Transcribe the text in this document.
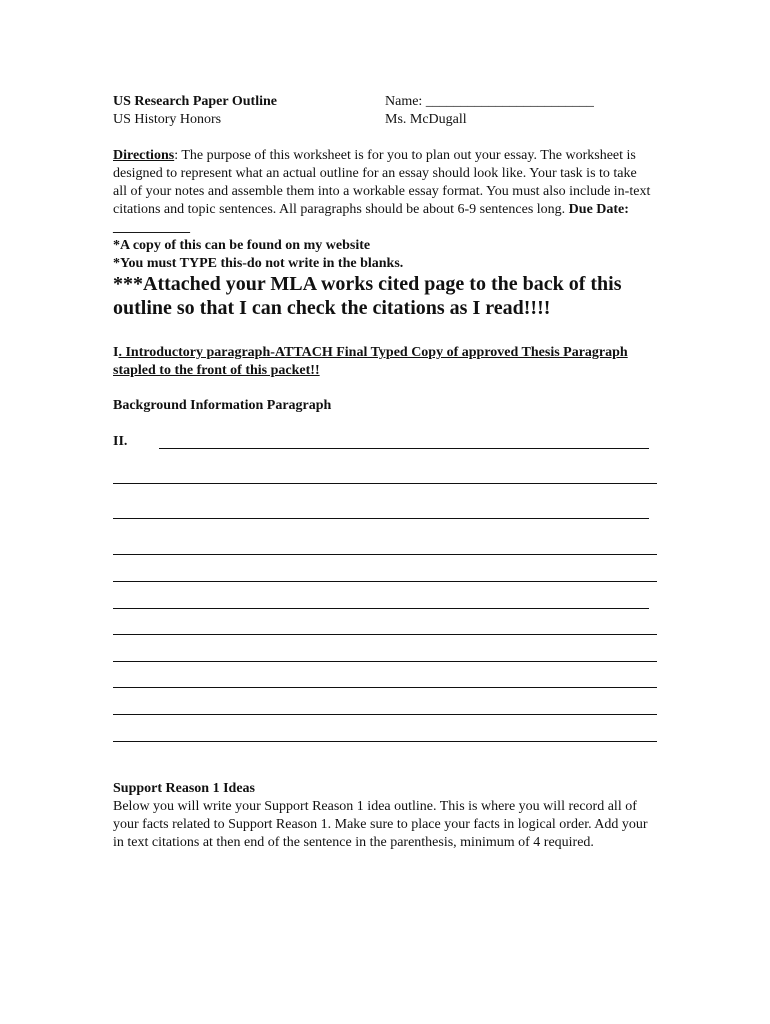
US Research Paper Outline
US History Honors
Name: ________________________
Ms. McDugall

Directions: The purpose of this worksheet is for you to plan out your essay. The worksheet is designed to represent what an actual outline for an essay should look like. Your task is to take all of your notes and assemble them into a workable essay format. You must also include in-text citations and topic sentences. All paragraphs should be about 6-9 sentences long. Due Date: ___________

*A copy of this can be found on my website

*You must TYPE this-do not write in the blanks.

***Attached your MLA works cited page to the back of this outline so that I can check the citations as I read!!!!
I. Introductory paragraph-ATTACH Final Typed Copy of approved Thesis Paragraph stapled to the front of this packet!!
Background Information Paragraph
II.

Support Reason 1 Ideas

Below you will write your Support Reason 1 idea outline. This is where you will record all of your facts related to Support Reason 1. Make sure to place your facts in logical order. Add your in text citations at then end of the sentence in the parenthesis, minimum of 4 required.
